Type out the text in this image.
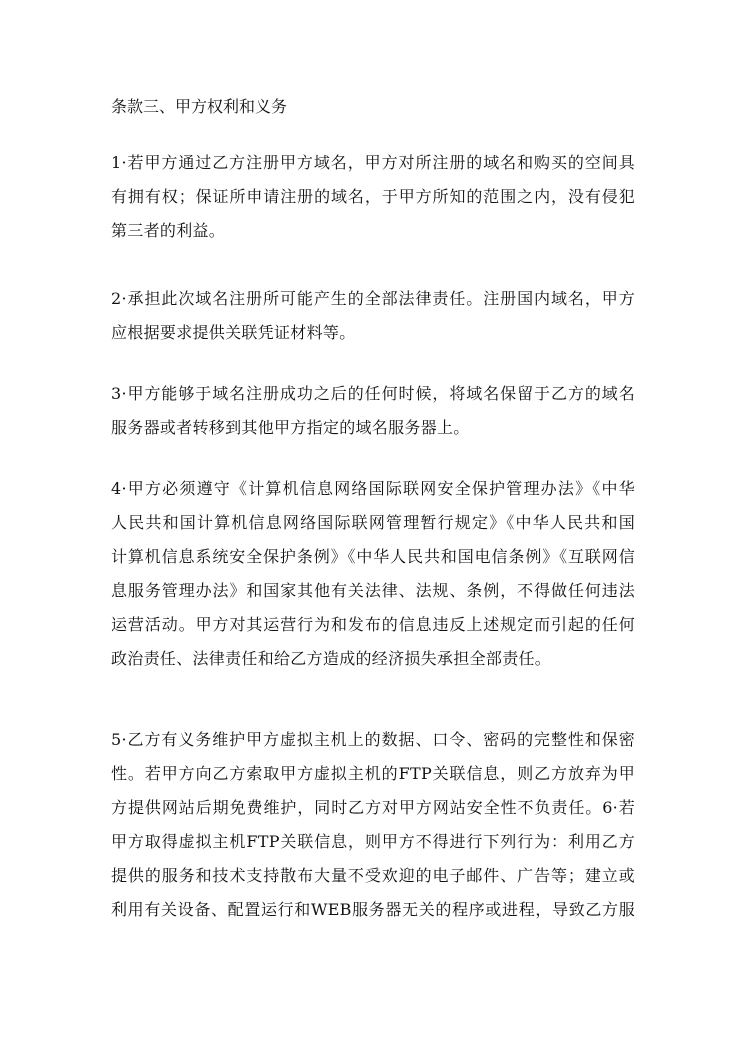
条款三、甲方权利和义务
1·若甲方通过乙方注册甲方域名，甲方对所注册的域名和购买的空间具
有拥有权；保证所申请注册的域名，于甲方所知的范围之内，没有侵犯
第三者的利益。
2·承担此次域名注册所可能产生的全部法律责任。注册国内域名，甲方
应根据要求提供关联凭证材料等。
3·甲方能够于域名注册成功之后的任何时候，将域名保留于乙方的域名
服务器或者转移到其他甲方指定的域名服务器上。
4·甲方必须遵守《计算机信息网络国际联网安全保护管理办法》《中华
人民共和国计算机信息网络国际联网管理暂行规定》《中华人民共和国
计算机信息系统安全保护条例》《中华人民共和国电信条例》《互联网信
息服务管理办法》和国家其他有关法律、法规、条例，不得做任何违法
运营活动。甲方对其运营行为和发布的信息违反上述规定而引起的任何
政治责任、法律责任和给乙方造成的经济损失承担全部责任。
5·乙方有义务维护甲方虚拟主机上的数据、口令、密码的完整性和保密
性。若甲方向乙方索取甲方虚拟主机的FTP关联信息，则乙方放弃为甲
方提供网站后期免费维护，同时乙方对甲方网站安全性不负责任。6·若
甲方取得虚拟主机FTP关联信息，则甲方不得进行下列行为：利用乙方
提供的服务和技术支持散布大量不受欢迎的电子邮件、广告等；建立或
利用有关设备、配置运行和WEB服务器无关的程序或进程，导致乙方服
